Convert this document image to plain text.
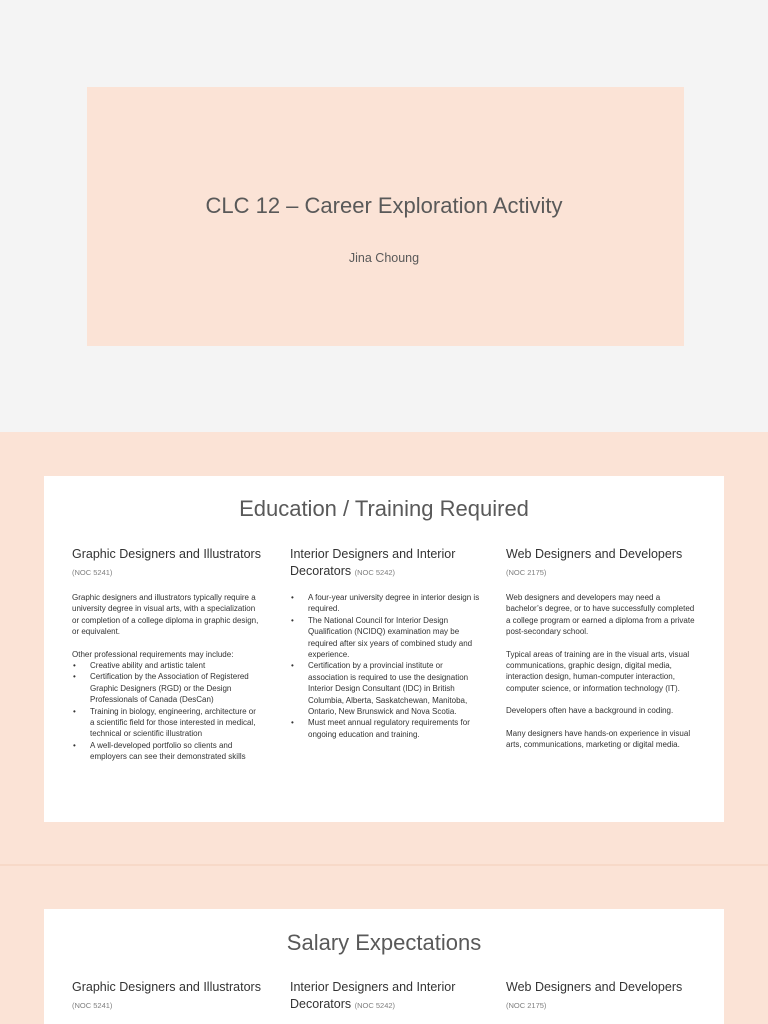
CLC 12 – Career Exploration Activity
Jina Choung
Education / Training Required
Graphic Designers and Illustrators (NOC 5241)

Graphic designers and illustrators typically require a university degree in visual arts, with a specialization or completion of a college diploma in graphic design, or equivalent.

Other professional requirements may include:
• Creative ability and artistic talent
• Certification by the Association of Registered Graphic Designers (RGD) or the Design Professionals of Canada (DesCan)
• Training in biology, engineering, architecture or a scientific field for those interested in medical, technical or scientific illustration
• A well-developed portfolio so clients and employers can see their demonstrated skills
Interior Designers and Interior Decorators (NOC 5242)
• A four-year university degree in interior design is required.
• The National Council for Interior Design Qualification (NCIDQ) examination may be required after six years of combined study and experience.
• Certification by a provincial institute or association is required to use the designation Interior Design Consultant (IDC) in British Columbia, Alberta, Saskatchewan, Manitoba, Ontario, New Brunswick and Nova Scotia.
• Must meet annual regulatory requirements for ongoing education and training.
Web Designers and Developers
(NOC 2175)

Web designers and developers may need a bachelor’s degree, or to have successfully completed a college program or earned a diploma from a private post-secondary school.

Typical areas of training are in the visual arts, visual communications, graphic design, digital media, interaction design, human-computer interaction, computer science, or information technology (IT).

Developers often have a background in coding.

Many designers have hands-on experience in visual arts, communications, marketing or digital media.

Salary Expectations
Graphic Designers and Illustrators (NOC 5241)
Interior Designers and Interior Decorators (NOC 5242)
Web Designers and Developers
(NOC 2175)
